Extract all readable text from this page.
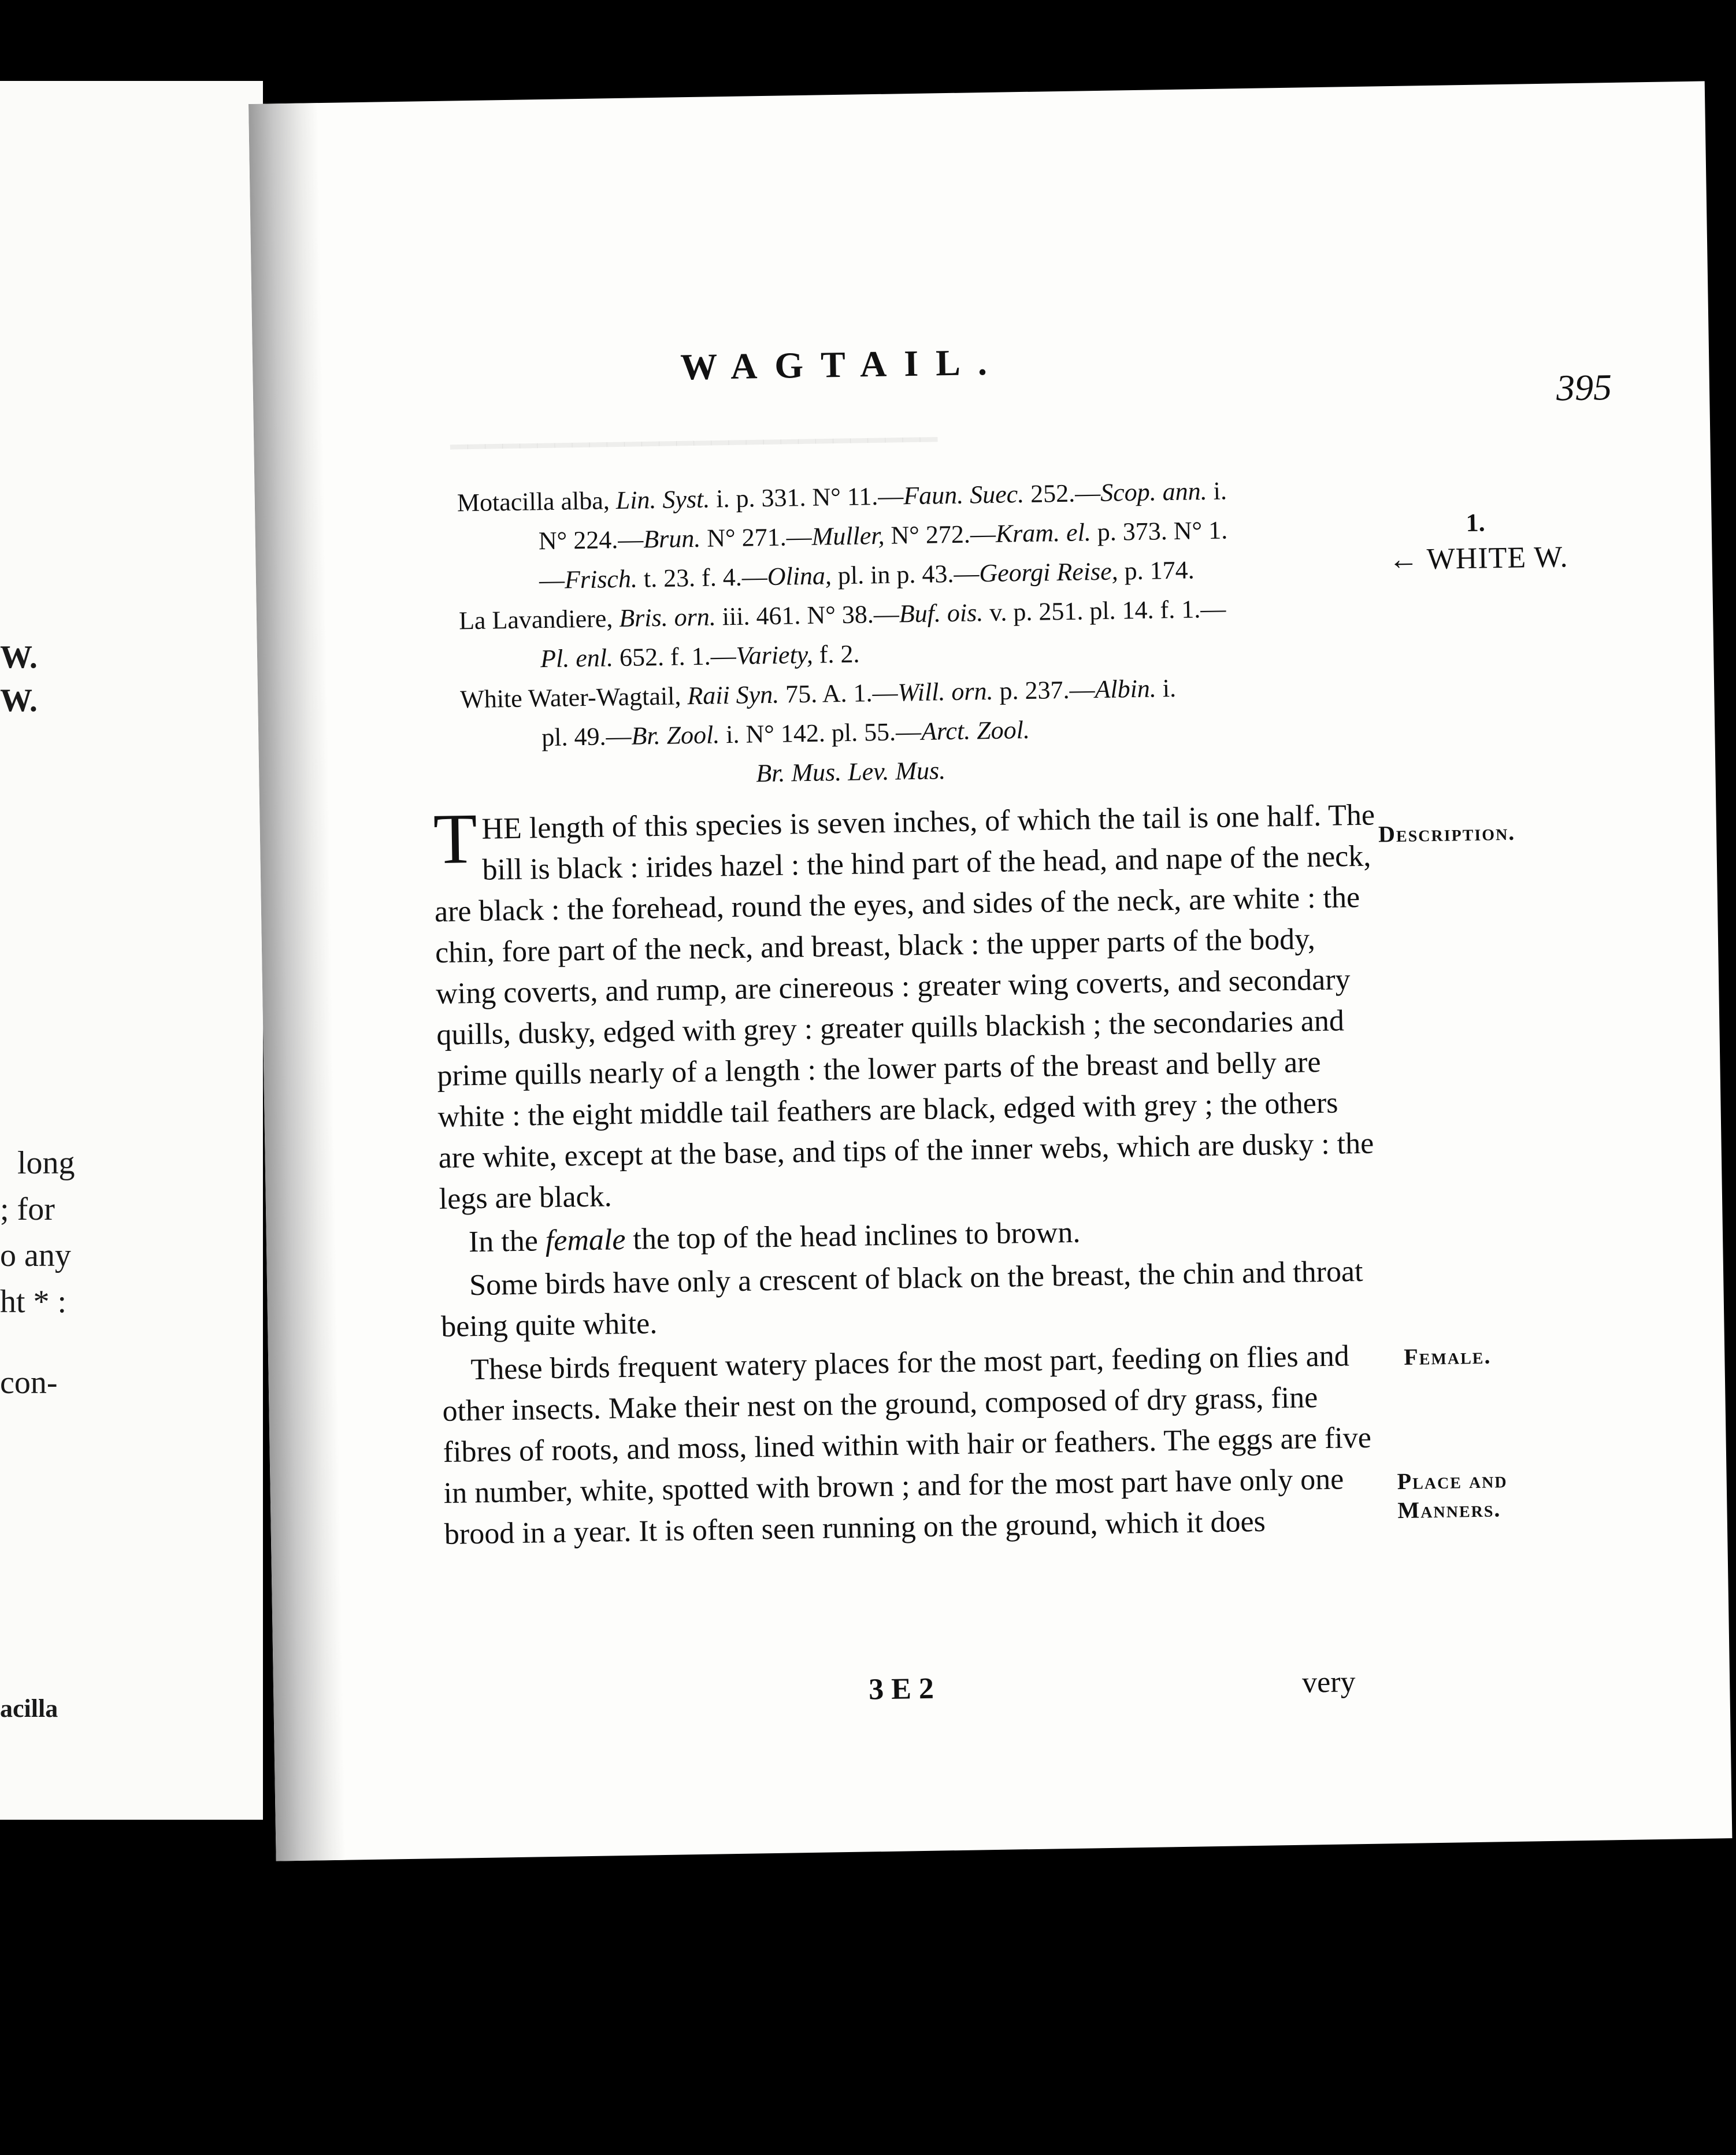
W.
W.
long
; for
o any
ht * :
con-
acilla
━━━━━━━━━━━━━━━━━━━━━━━━━━━━
WAGTAIL.	395
Motacilla alba, Lin. Syst. i. p. 331. N° 11.—Faun. Suec. 252.—Scop. ann. i.
N° 224.—Brun. N° 271.—Muller, N° 272.—Kram. el. p. 373. N° 1.
—Frisch. t. 23. f. 4.—Olina, pl. in p. 43.—Georgi Reise, p. 174.
La Lavandiere, Bris. orn. iii. 461. N° 38.—Buf. ois. v. p. 251. pl. 14. f. 1.—
Pl. enl. 652. f. 1.—Variety, f. 2.
White Water-Wagtail, Raii Syn. 75. A. 1.—Will. orn. p. 237.—Albin. i.
pl. 49.—Br. Zool. i. N° 142. pl. 55.—Arct. Zool.
Br. Mus. Lev. Mus.
1.
← WHITE W.
Description.
Female.
Place and
Manners.

THE length of this species is seven inches, of which the tail is one half. The bill is black : irides hazel : the hind part of the head, and nape of the neck, are black : the forehead, round the eyes, and sides of the neck, are white : the chin, fore part of the neck, and breast, black : the upper parts of the body, wing coverts, and rump, are cinereous : greater wing coverts, and secondary quills, dusky, edged with grey : greater quills blackish ; the secondaries and prime quills nearly of a length : the lower parts of the breast and belly are white : the eight middle tail feathers are black, edged with grey ; the others are white, except at the base, and tips of the inner webs, which are dusky : the legs are black.

In the female the top of the head inclines to brown.

Some birds have only a crescent of black on the breast, the chin and throat being quite white.

These birds frequent watery places for the most part, feeding on flies and other insects. Make their nest on the ground, composed of dry grass, fine fibres of roots, and moss, lined within with hair or feathers. The eggs are five in number, white, spotted with brown ; and for the most part have only one brood in a year. It is often seen running on the ground, which it does

3 E 2	very
